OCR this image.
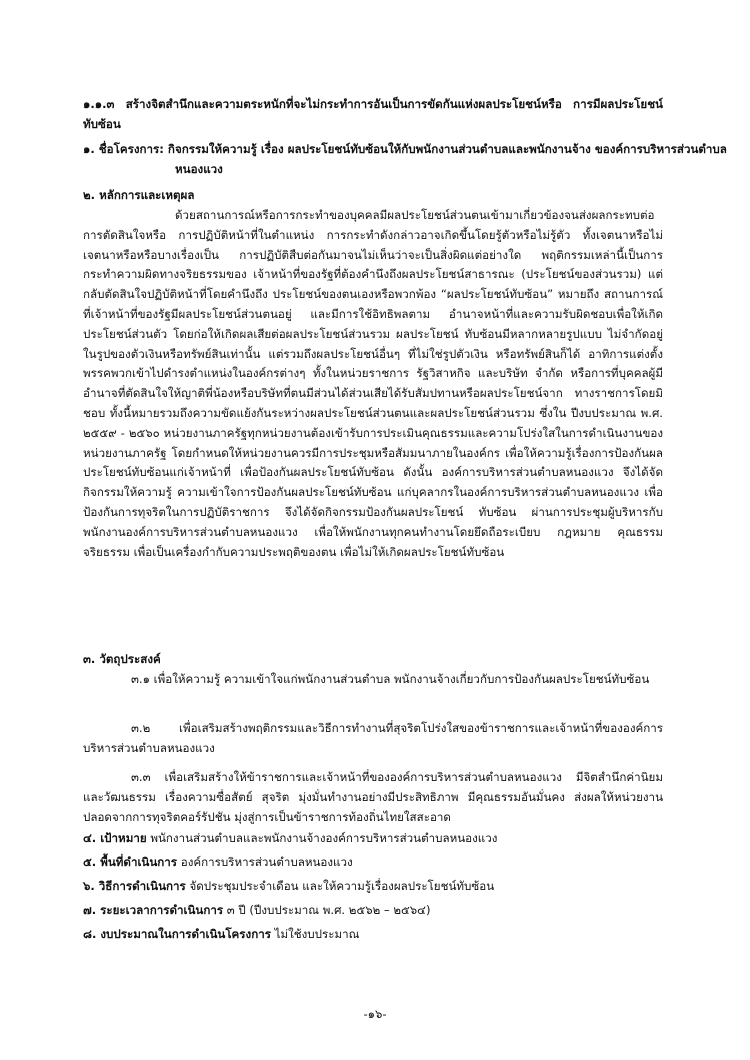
๑.๑.๓ สร้างจิตสำนึกและความตระหนักที่จะไม่กระทำการอันเป็นการขัดกันแห่งผลประโยชน์หรือ การมีผลประโยชน์ทับซ้อน
๑. ชื่อโครงการ: กิจกรรมให้ความรู้ เรื่อง ผลประโยชน์ทับซ้อนให้กับพนักงานส่วนตำบลและพนักงานจ้าง ของค์การบริหารส่วนตำบลหนองแวง
๒. หลักการและเหตุผล
ด้วยสถานการณ์หรือการกระทำของบุคคลมีผลประโยชน์ส่วนตนเข้ามาเกี่ยวข้องจนส่งผลกระทบต่อการตัดสินใจหรือ การปฏิบัติหน้าที่ในตำแหน่ง การกระทำดังกล่าวอาจเกิดขึ้นโดยรู้ตัวหรือไม่รู้ตัว ทั้งเจตนาหรือไม่เจตนาหรือหรือบางเรื่องเป็น การปฏิบัติสืบต่อกันมาจนไม่เห็นว่าจะเป็นสิ่งผิดแต่อย่างใด พฤติกรรมเหล่านี้เป็นการกระทำความผิดทางจริยธรรมของ เจ้าหน้าที่ของรัฐที่ต้องคำนึงถึงผลประโยชน์สาธารณะ (ประโยชน์ของส่วนรวม) แต่กลับตัดสินใจปฏิบัติหน้าที่โดยคำนึงถึง ประโยชน์ของตนเองหรือพวกพ้อง “ผลประโยชน์ทับซ้อน” หมายถึง สถานการณ์ที่เจ้าหน้าที่ของรัฐมีผลประโยชน์ส่วนตนอยู่ และมีการใช้อิทธิพลตาม อำนาจหน้าที่และความรับผิดชอบเพื่อให้เกิดประโยชน์ส่วนตัว โดยก่อให้เกิดผลเสียต่อผลประโยชน์ส่วนรวม ผลประโยชน์ ทับซ้อนมีหลากหลายรูปแบบ ไม่จำกัดอยู่ในรูปของตัวเงินหรือทรัพย์สินเท่านั้น แต่รวมถึงผลประโยชน์อื่นๆ ที่ไม่ใช่รูปตัวเงิน หรือทรัพย์สินก็ได้ อาทิการแต่งตั้งพรรคพวกเข้าไปดำรงตำแหน่งในองค์กรต่างๆ ทั้งในหน่วยราชการ รัฐวิสาหกิจ และบริษัท จำกัด หรือการที่บุคคลผู้มีอำนาจที่ตัดสินใจให้ญาติพี่น้องหรือบริษัทที่ตนมีส่วนได้ส่วนเสียได้รับสัมปทานหรือผลประโยชน์จาก ทางราชการโดยมิชอบ ทั้งนี้หมายรวมถึงความขัดแย้งกันระหว่างผลประโยชน์ส่วนตนและผลประโยชน์ส่วนรวม ซึ่งใน ปีงบประมาณ พ.ศ. ๒๕๕๙ - ๒๕๖๐ หน่วยงานภาครัฐทุกหน่วยงานต้องเข้ารับการประเมินคุณธรรมและความโปร่งใสในการดำเนินงานของหน่วยงานภาครัฐ โดยกำหนดให้หน่วยงานควรมีการประชุมหรือสัมมนาภายในองค์กร เพื่อให้ความรู้เรื่องการป้องกันผลประโยชน์ทับซ้อนแก่เจ้าหน้าที่ เพื่อป้องกันผลประโยชน์ทับซ้อน ดังนั้น องค์การบริหารส่วนตำบลหนองแวง จึงได้จัดกิจกรรมให้ความรู้ ความเข้าใจการป้องกันผลประโยชน์ทับซ้อน แก่บุคลากรในองค์การบริหารส่วนตำบลหนองแวง เพื่อป้องกันการทุจริตในการปฏิบัติราชการ จึงได้จัดกิจกรรมป้องกันผลประโยชน์ ทับซ้อน ผ่านการประชุมผู้บริหารกับพนักงานองค์การบริหารส่วนตำบลหนองแวง เพื่อให้พนักงานทุกคนทำงานโดยยึดถือระเบียบ กฎหมาย คุณธรรม จริยธรรม เพื่อเป็นเครื่องกำกับความประพฤติของตน เพื่อไม่ให้เกิดผลประโยชน์ทับซ้อน
๓. วัตถุประสงค์
๓.๑ เพื่อให้ความรู้ ความเข้าใจแก่พนักงานส่วนตำบล พนักงานจ้างเกี่ยวกับการป้องกันผลประโยชน์ทับซ้อน
๓.๒ เพื่อเสริมสร้างพฤติกรรมและวิธีการทำงานที่สุจริตโปร่งใสของข้าราชการและเจ้าหน้าที่ขององค์การบริหารส่วนตำบลหนองแวง
๓.๓ เพื่อเสริมสร้างให้ข้าราชการและเจ้าหน้าที่ขององค์การบริหารส่วนตำบลหนองแวง มีจิตสำนึกค่านิยม และวัฒนธรรม เรื่องความซื่อสัตย์ สุจริต มุ่งมั่นทำงานอย่างมีประสิทธิภาพ มีคุณธรรมอันมั่นคง ส่งผลให้หน่วยงานปลอดจากการทุจริตคอร์รัปชัน มุ่งสู่การเป็นข้าราชการท้องถิ่นไทยใสสะอาด
๔. เป้าหมาย พนักงานส่วนตำบลและพนักงานจ้างองค์การบริหารส่วนตำบลหนองแวง
๕. พื้นที่ดำเนินการ องค์การบริหารส่วนตำบลหนองแวง
๖. วิธีการดำเนินการ จัดประชุมประจำเดือน และให้ความรู้เรื่องผลประโยชน์ทับซ้อน
๗. ระยะเวลาการดำเนินการ ๓ ปี (ปีงบประมาณ พ.ศ. ๒๕๖๒ – ๒๕๖๔)
๘. งบประมาณในการดำเนินโครงการ ไม่ใช้งบประมาณ
-๑๖-
